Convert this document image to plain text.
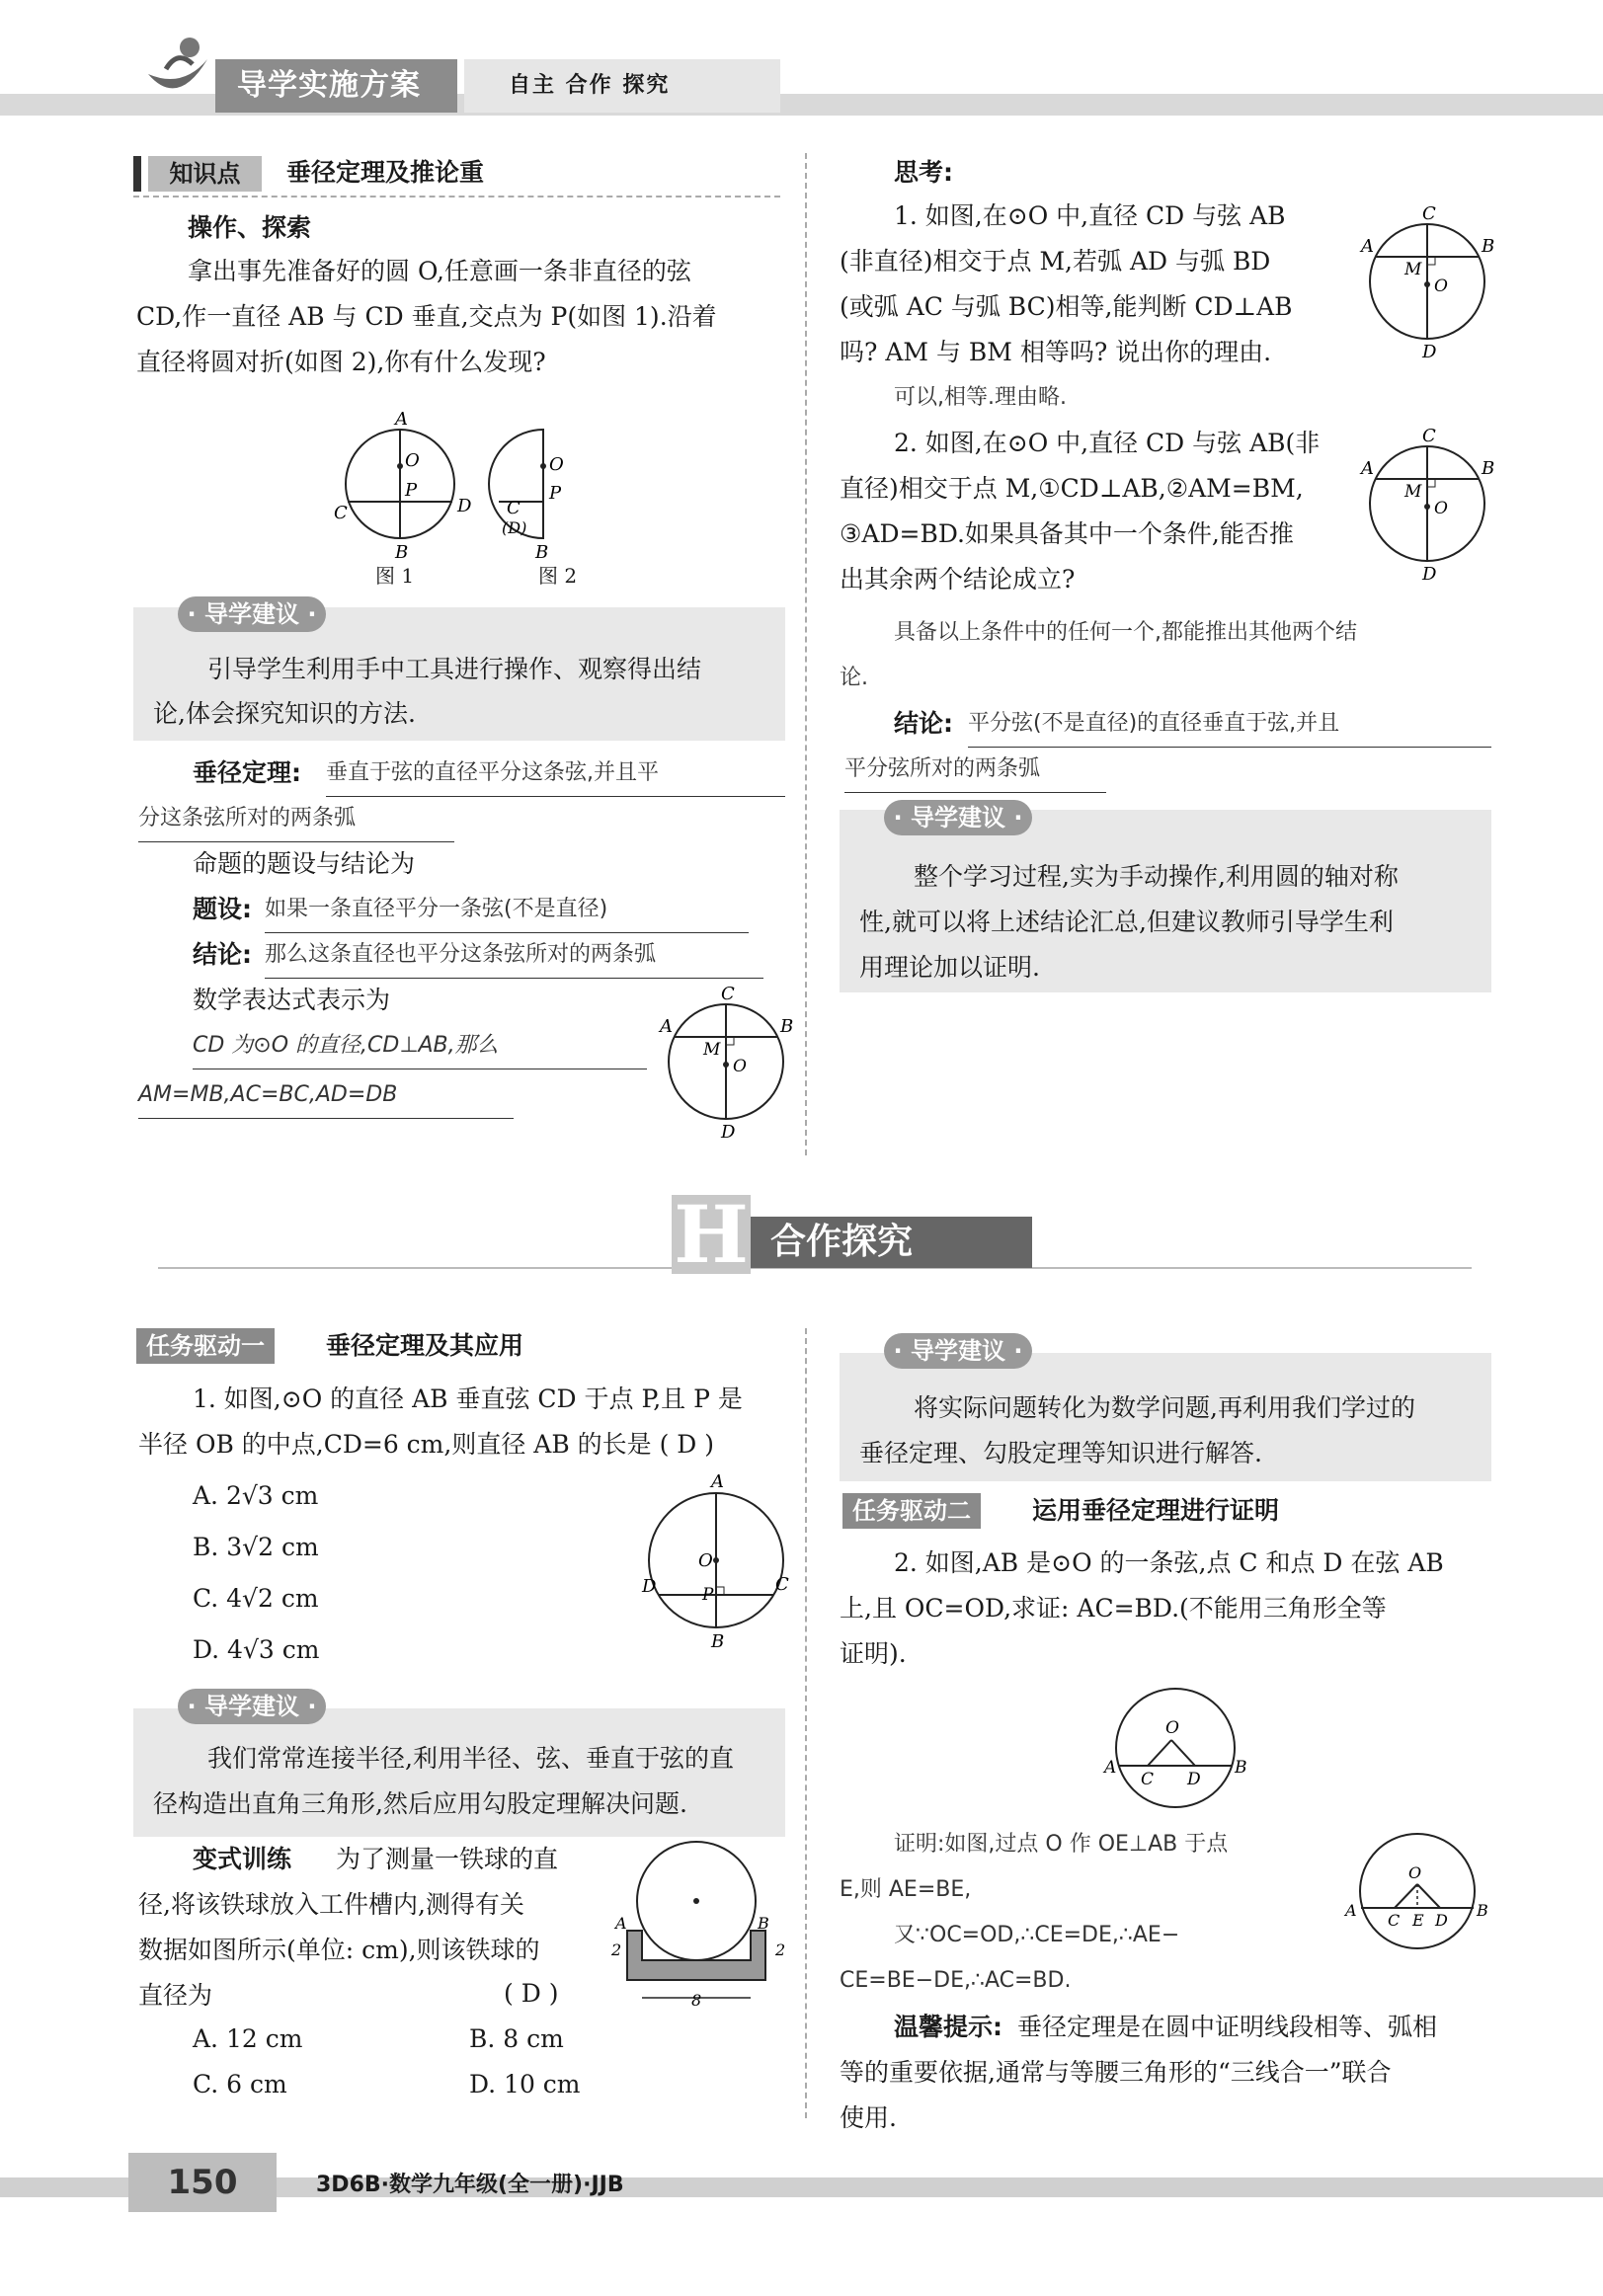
导学实施方案	自主 合作 探究
知识点	垂径定理及推论重
操作、探索
拿出事先准备好的圆 O,任意画一条非直径的弦
CD,作一直径 AB 与 CD 垂直,交点为 P(如图 1).沿着
直径将圆对折(如图 2),你有什么发现?
A
O
P
C	D
B
O
P
C
(D)
B
图 1	图 2
· 导学建议 ·
引导学生利用手中工具进行操作、观察得出结
论,体会探究知识的方法.
垂径定理: 垂直于弦的直径平分这条弦,并且平
分这条弦所对的两条弧
命题的题设与结论为
题设: 如果一条直径平分一条弦(不是直径)
结论: 那么这条直径也平分这条弦所对的两条弧
数学表达式表示为
CD 为⊙O 的直径,CD⊥AB,那么
AM=MB,AC=BC,AD=DB
C
A	B
M
O
D
思考:
1. 如图,在⊙O 中,直径 CD 与弦 AB
(非直径)相交于点 M,若弧 AD 与弧 BD
(或弧 AC 与弧 BC)相等,能判断 CD⊥AB
吗? AM 与 BM 相等吗? 说出你的理由.
可以,相等.理由略.
C
A	B
M
O
D
2. 如图,在⊙O 中,直径 CD 与弦 AB(非
直径)相交于点 M,①CD⊥AB,②AM=BM,
③AD=BD.如果具备其中一个条件,能否推
出其余两个结论成立?
C
A	B
M
O
D
具备以上条件中的任何一个,都能推出其他两个结
论.
结论: 平分弦(不是直径)的直径垂直于弦,并且
平分弦所对的两条弧
· 导学建议 ·
整个学习过程,实为手动操作,利用圆的轴对称
性,就可以将上述结论汇总,但建议教师引导学生利
用理论加以证明.
H 合作探究
任务驱动一	垂径定理及其应用
1. 如图,⊙O 的直径 AB 垂直弦 CD 于点 P,且 P 是
半径 OB 的中点,CD=6 cm,则直径 AB 的长是 ( D )
A. 2√3 cm
B. 3√2 cm
C. 4√2 cm
D. 4√3 cm
A
O
P
D	C
B
· 导学建议 ·
我们常常连接半径,利用半径、弦、垂直于弦的直
径构造出直角三角形,然后应用勾股定理解决问题.
变式训练 为了测量一铁球的直
径,将该铁球放入工件槽内,测得有关
数据如图所示(单位: cm),则该铁球的
直径为	( D )
A. 12 cm	B. 8 cm
C. 6 cm	D. 10 cm
A	B
2	2
8
· 导学建议 ·
将实际问题转化为数学问题,再利用我们学过的
垂径定理、勾股定理等知识进行解答.
任务驱动二	运用垂径定理进行证明
2. 如图,AB 是⊙O 的一条弦,点 C 和点 D 在弦 AB
上,且 OC=OD,求证: AC=BD.(不能用三角形全等
证明).
O
A	B
C D
证明:如图,过点 O 作 OE⊥AB 于点
E,则 AE=BE,
又∵OC=OD,∴CE=DE,∴AE−
CE=BE−DE,∴AC=BD.
O
A	B
C E D
温馨提示: 垂径定理是在圆中证明线段相等、弧相
等的重要依据,通常与等腰三角形的“三线合一”联合
使用.
150	3D6B·数学九年级(全一册)·JJB
